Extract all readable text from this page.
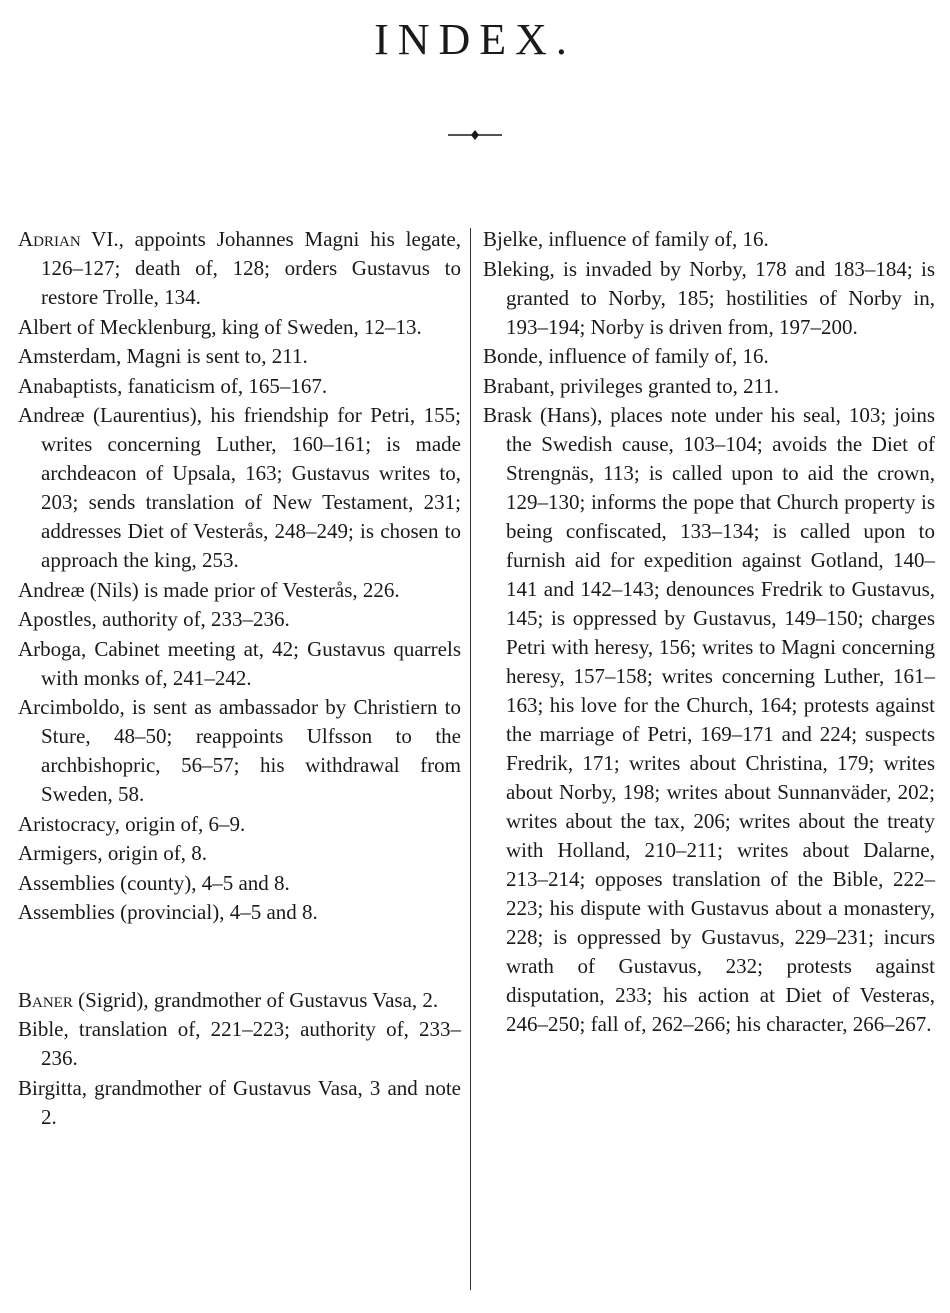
INDEX.

Adrian VI., appoints Johannes Magni his legate, 126–127; death of, 128; orders Gustavus to restore Trolle, 134.

Albert of Mecklenburg, king of Sweden, 12–13.

Amsterdam, Magni is sent to, 211.

Anabaptists, fanaticism of, 165–167.

Andreæ (Laurentius), his friendship for Petri, 155; writes concerning Luther, 160–161; is made archdeacon of Upsala, 163; Gustavus writes to, 203; sends translation of New Testament, 231; addresses Diet of Vesterås, 248–249; is chosen to approach the king, 253.

Andreæ (Nils) is made prior of Vesterås, 226.

Apostles, authority of, 233–236.

Arboga, Cabinet meeting at, 42; Gustavus quarrels with monks of, 241–242.

Arcimboldo, is sent as ambassador by Christiern to Sture, 48–50; reappoints Ulfsson to the archbishopric, 56–57; his withdrawal from Sweden, 58.

Aristocracy, origin of, 6–9.

Armigers, origin of, 8.

Assemblies (county), 4–5 and 8.

Assemblies (provincial), 4–5 and 8.

Baner (Sigrid), grandmother of Gustavus Vasa, 2.

Bible, translation of, 221–223; authority of, 233–236.

Birgitta, grandmother of Gustavus Vasa, 3 and note 2.

Bjelke, influence of family of, 16.

Bleking, is invaded by Norby, 178 and 183–184; is granted to Norby, 185; hostilities of Norby in, 193–194; Norby is driven from, 197–200.

Bonde, influence of family of, 16.

Brabant, privileges granted to, 211.

Brask (Hans), places note under his seal, 103; joins the Swedish cause, 103–104; avoids the Diet of Strengnäs, 113; is called upon to aid the crown, 129–130; informs the pope that Church property is being confiscated, 133–134; is called upon to furnish aid for expedition against Gotland, 140–141 and 142–143; denounces Fredrik to Gustavus, 145; is oppressed by Gustavus, 149–150; charges Petri with heresy, 156; writes to Magni concerning heresy, 157–158; writes concerning Luther, 161–163; his love for the Church, 164; protests against the marriage of Petri, 169–171 and 224; suspects Fredrik, 171; writes about Christina, 179; writes about Norby, 198; writes about Sunnanväder, 202; writes about the tax, 206; writes about the treaty with Holland, 210–211; writes about Dalarne, 213–214; opposes translation of the Bible, 222–223; his dispute with Gustavus about a monastery, 228; is oppressed by Gustavus, 229–231; incurs wrath of Gustavus, 232; protests against disputation, 233; his action at Diet of Vesteras, 246–250; fall of, 262–266; his character, 266–267.
